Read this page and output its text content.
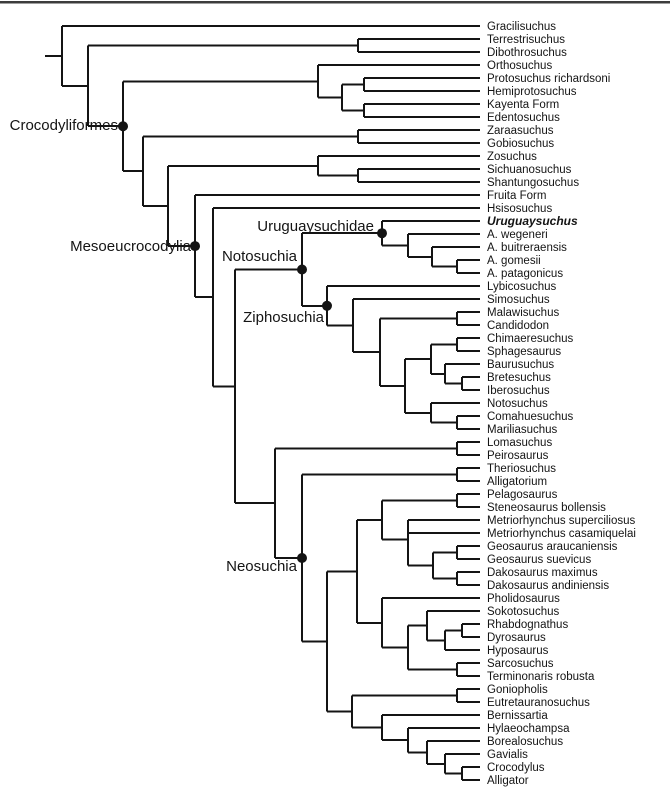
Gracilisuchus
Terrestrisuchus
Dibothrosuchus
Orthosuchus
Protosuchus richardsoni
Hemiprotosuchus
Kayenta Form
Edentosuchus
Zaraasuchus
Gobiosuchus
Zosuchus
Sichuanosuchus
Shantungosuchus
Fruita Form
Hsisosuchus
Uruguaysuchus
A. wegeneri
A. buitreraensis
A. gomesii
A. patagonicus
Lybicosuchus
Simosuchus
Malawisuchus
Candidodon
Chimaeresuchus
Sphagesaurus
Baurusuchus
Bretesuchus
Iberosuchus
Notosuchus
Comahuesuchus
Mariliasuchus
Lomasuchus
Peirosaurus
Theriosuchus
Alligatorium
Pelagosaurus
Steneosaurus bollensis
Metriorhynchus superciliosus
Metriorhynchus casamiquelai
Geosaurus araucaniensis
Geosaurus suevicus
Dakosaurus maximus
Dakosaurus andiniensis
Pholidosaurus
Sokotosuchus
Rhabdognathus
Dyrosaurus
Hyposaurus
Sarcosuchus
Terminonaris robusta
Goniopholis
Eutretauranosuchus
Bernissartia
Hylaeochampsa
Borealosuchus
Gavialis
Crocodylus
Alligator
Crocodyliformes
Mesoeucrocodylia
Notosuchia
Uruguaysuchidae
Ziphosuchia
Neosuchia
